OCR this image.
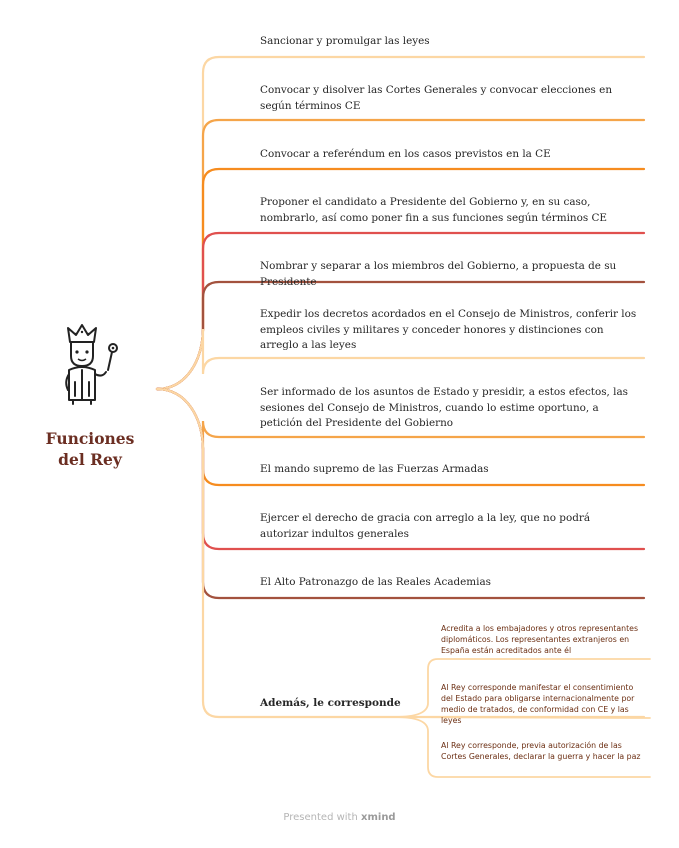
Funciones
del Rey
Sancionar y promulgar las leyes
Convocar y disolver las Cortes Generales y convocar elecciones en según términos CE
Convocar a referéndum en los casos previstos en la CE
Proponer el candidato a Presidente del Gobierno y, en su caso, nombrarlo, así como poner fin a sus funciones según términos CE
Nombrar y separar a los miembros del Gobierno, a propuesta de su Presidente
Expedir los decretos acordados en el Consejo de Ministros, conferir los empleos civiles y militares y conceder honores y distinciones con arreglo a las leyes
Ser informado de los asuntos de Estado y presidir, a estos efectos, las sesiones del Consejo de Ministros, cuando lo estime oportuno, a petición del Presidente del Gobierno
El mando supremo de las Fuerzas Armadas
Ejercer el derecho de gracia con arreglo a la ley, que no podrá autorizar indultos generales
El Alto Patronazgo de las Reales Academias
Además, le corresponde
Acredita a los embajadores y otros representantes diplomáticos. Los representantes extranjeros en España están acreditados ante él
Al Rey corresponde manifestar el consentimiento del Estado para obligarse internacionalmente por medio de tratados, de conformidad con CE y las leyes
Al Rey corresponde, previa autorización de las Cortes Generales, declarar la guerra y hacer la paz
Presented with xmind
